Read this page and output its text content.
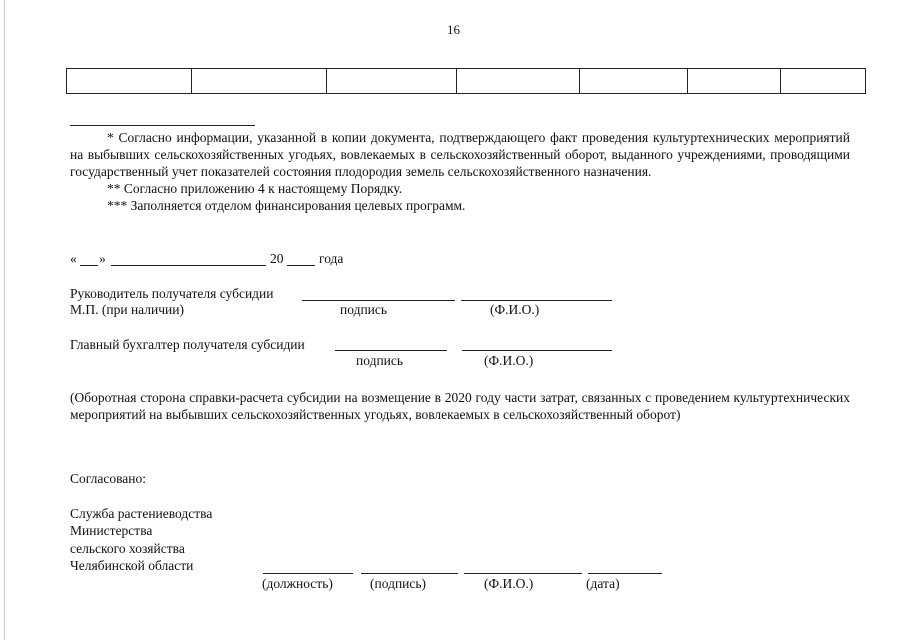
16

* Согласно информации, указанной в копии документа, подтверждающего факт проведения культуртехнических мероприятий на выбывших сельскохозяйственных угодьях, вовлекаемых в сельскохозяйственный оборот, выданного учреждениями, проводящими государственный учет показателей состояния плодородия земель сельскохозяйственного назначения.

** Согласно приложению 4 к настоящему Порядку.

*** Заполняется отделом финансирования целевых программ.

« »	20	года
Руководитель получателя субсидии
М.П. (при наличии)	подпись	(Ф.И.О.)
Главный бухгалтер получателя субсидии
подпись	(Ф.И.О.)
(Оборотная сторона справки-расчета субсидии на возмещение в 2020 году части затрат, связанных с проведением культуртехнических мероприятий на выбывших сельскохозяйственных угодьях, вовлекаемых в сельскохозяйственный оборот)
Согласовано:
Служба растениеводства
Министерства
сельского хозяйства
Челябинской области
(должность)	(подпись)	(Ф.И.О.)	(дата)
